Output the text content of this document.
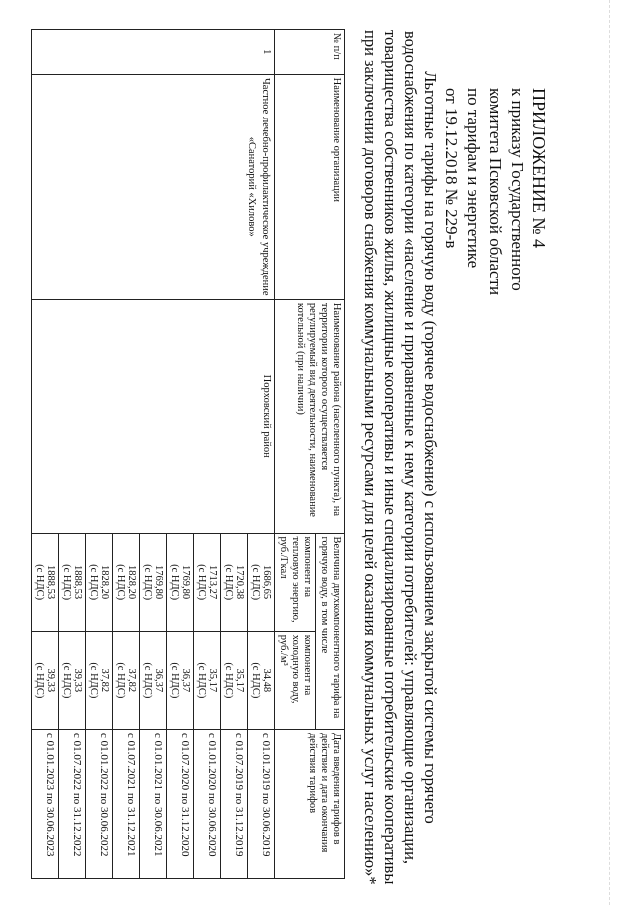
ПРИЛОЖЕНИЕ № 4
к приказу Государственного
комитета Псковской области
по тарифам и энергетике
от 19.12.2018 № 229-в
Льготные тарифы на горячую воду (горячее водоснабжение) с использованием закрытой системы горячего
водоснабжения по категории «население и приравненные к нему категории потребителей: управляющие организации,
товарищества собственников жилья, жилищные кооперативы и иные специализированные потребительские кооперативы
при заключении договоров снабжения коммунальными ресурсами для целей оказания коммунальных услуг населению»*
№ п/п	Наименование организации	Наименование района (населенного пункта), на территории которого осуществляется регулируемый вид деятельности, наименование котельной (при наличии)	Величина двухкомпонентного тарифа на горячую воду, в том числе		Дата введения тарифов в действие и дата окончания действия тарифов
			компонент на тепловую энергию, руб./Гкал	компонент на холодную воду, руб./м³	
1	Частное лечебно-профилактическое учреждение «Санаторий «Хилово»	Порховский район	1686,65
(с НДС)	34,48
(с НДС)	с 01.01.2019 по 30.06.2019
			1720,38
(с НДС)	35,17
(с НДС)	с 01.07.2019 по 31.12.2019
			1713,27
(с НДС)	35,17
(с НДС)	с 01.01.2020 по 30.06.2020
			1769,80
(с НДС)	36,37
(с НДС)	с 01.07.2020 по 31.12.2020
			1769,80
(с НДС)	36,37
(с НДС)	с 01.01.2021 по 30.06.2021
			1828,20
(с НДС)	37,82
(с НДС)	с 01.07.2021 по 31.12.2021
			1828,20
(с НДС)	37,82
(с НДС)	с 01.01.2022 по 30.06.2022
			1888,53
(с НДС)	39,33
(с НДС)	с 01.07.2022 по 31.12.2022
			1888,53
(с НДС)	39,33
(с НДС)	с 01.01.2023 по 30.06.2023
